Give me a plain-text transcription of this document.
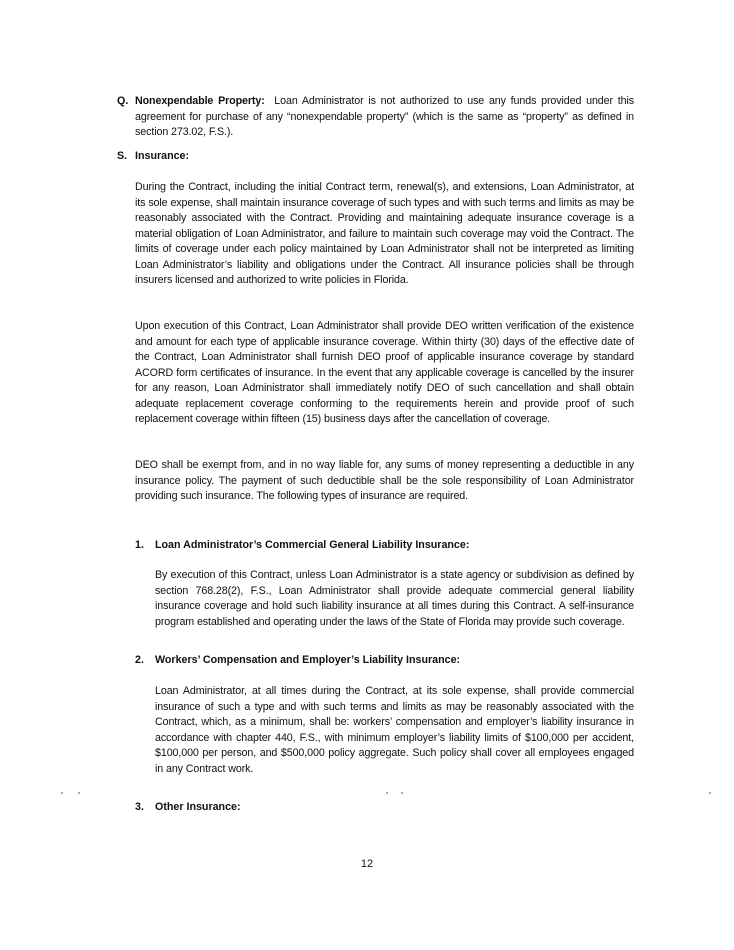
Q. Nonexpendable Property: Loan Administrator is not authorized to use any funds provided under this agreement for purchase of any “nonexpendable property” (which is the same as “property” as defined in section 273.02, F.S.).
S. Insurance:
During the Contract, including the initial Contract term, renewal(s), and extensions, Loan Administrator, at its sole expense, shall maintain insurance coverage of such types and with such terms and limits as may be reasonably associated with the Contract. Providing and maintaining adequate insurance coverage is a material obligation of Loan Administrator, and failure to maintain such coverage may void the Contract. The limits of coverage under each policy maintained by Loan Administrator shall not be interpreted as limiting Loan Administrator’s liability and obligations under the Contract. All insurance policies shall be through insurers licensed and authorized to write policies in Florida.
Upon execution of this Contract, Loan Administrator shall provide DEO written verification of the existence and amount for each type of applicable insurance coverage. Within thirty (30) days of the effective date of the Contract, Loan Administrator shall furnish DEO proof of applicable insurance coverage by standard ACORD form certificates of insurance. In the event that any applicable coverage is cancelled by the insurer for any reason, Loan Administrator shall immediately notify DEO of such cancellation and shall obtain adequate replacement coverage conforming to the requirements herein and provide proof of such replacement coverage within fifteen (15) business days after the cancellation of coverage.
DEO shall be exempt from, and in no way liable for, any sums of money representing a deductible in any insurance policy. The payment of such deductible shall be the sole responsibility of Loan Administrator providing such insurance. The following types of insurance are required.
1. Loan Administrator’s Commercial General Liability Insurance:
By execution of this Contract, unless Loan Administrator is a state agency or subdivision as defined by section 768.28(2), F.S., Loan Administrator shall provide adequate commercial general liability insurance coverage and hold such liability insurance at all times during this Contract. A self-insurance program established and operating under the laws of the State of Florida may provide such coverage.
2. Workers’ Compensation and Employer’s Liability Insurance:
Loan Administrator, at all times during the Contract, at its sole expense, shall provide commercial insurance of such a type and with such terms and limits as may be reasonably associated with the Contract, which, as a minimum, shall be: workers’ compensation and employer’s liability insurance in accordance with chapter 440, F.S., with minimum employer’s liability limits of $100,000 per accident, $100,000 per person, and $500,000 policy aggregate. Such policy shall cover all employees engaged in any Contract work.
3. Other Insurance:
12
